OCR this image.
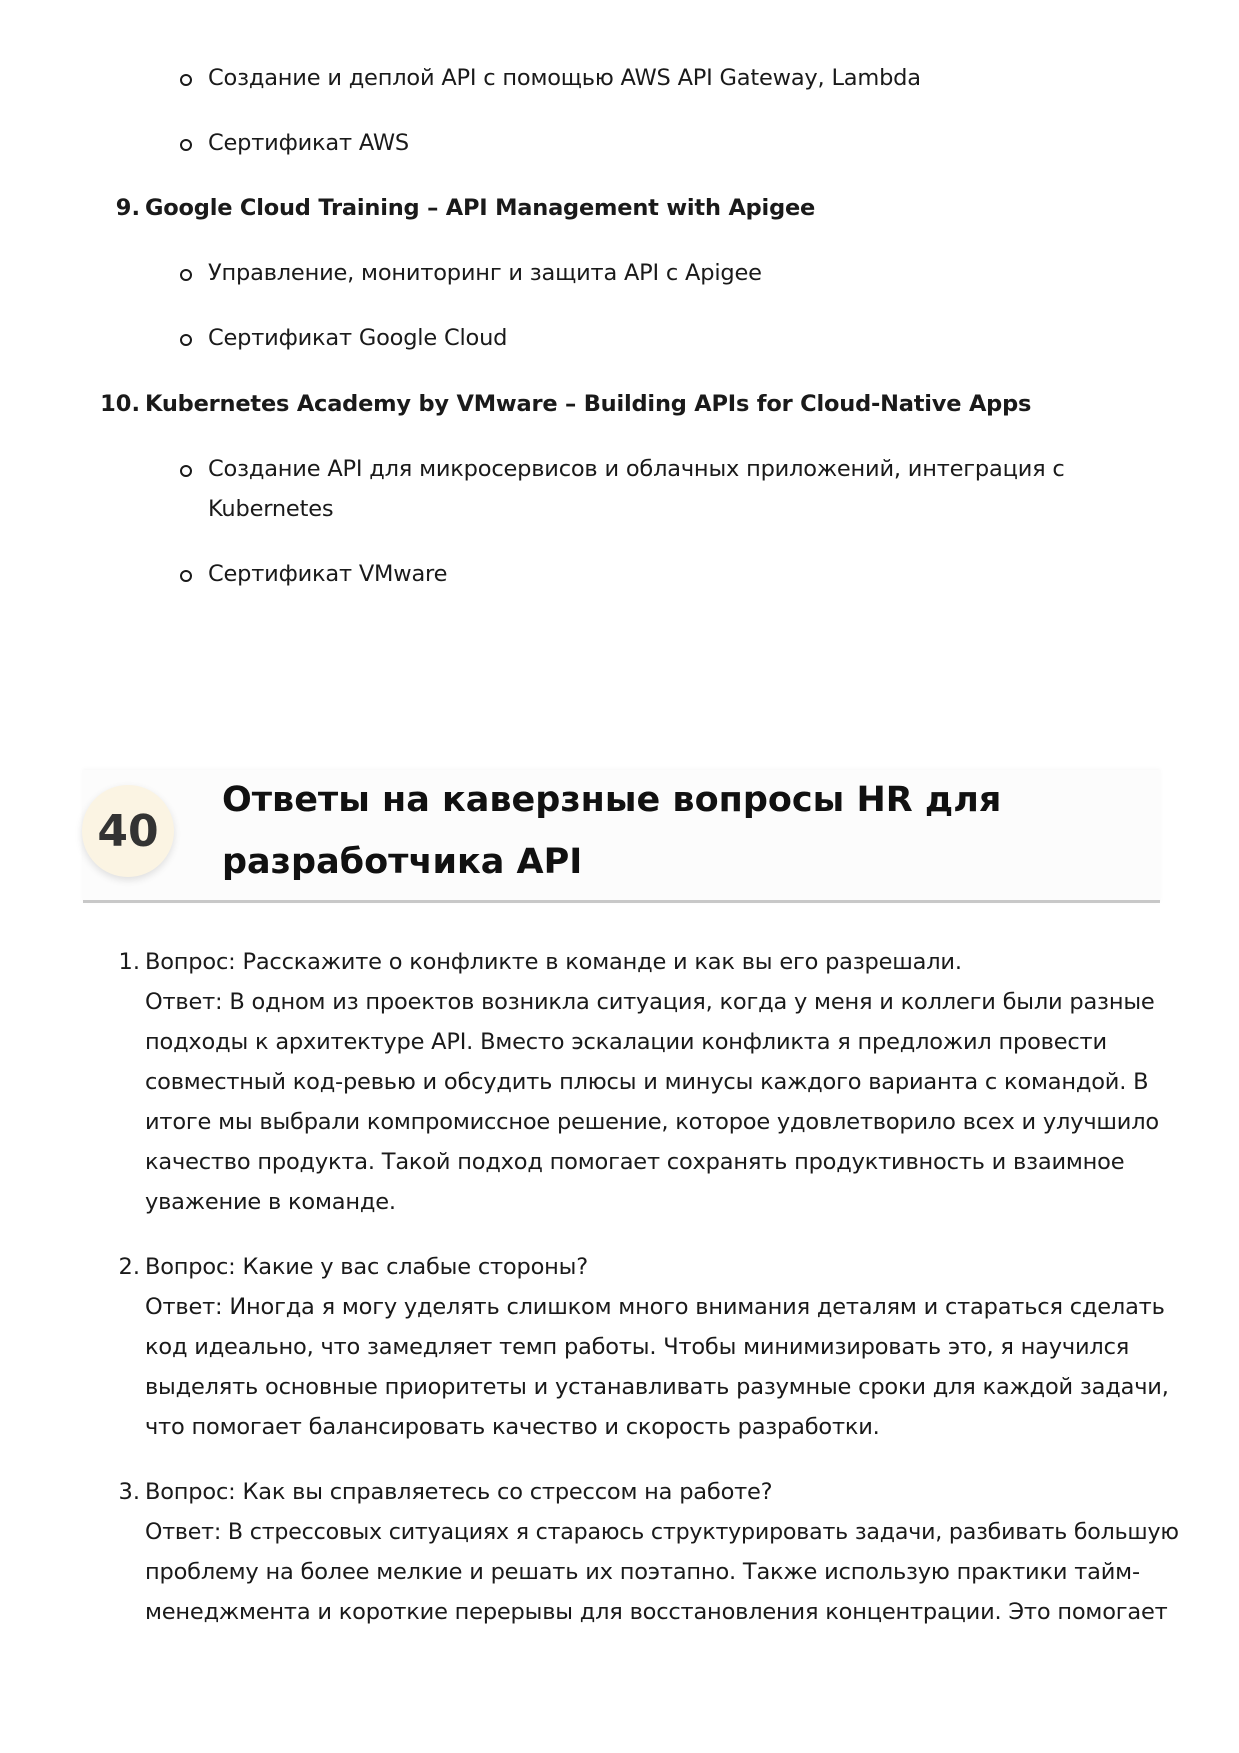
Создание и деплой API с помощью AWS API Gateway, Lambda
Сертификат AWS
9. Google Cloud Training – API Management with Apigee
Управление, мониторинг и защита API с Apigee
Сертификат Google Cloud
10. Kubernetes Academy by VMware – Building APIs for Cloud-Native Apps
Создание API для микросервисов и облачных приложений, интеграция с
Kubernetes
Сертификат VMware
40
Ответы на каверзные вопросы HR для
разработчика API
1. Вопрос: Расскажите о конфликте в команде и как вы его разрешали.
Ответ: В одном из проектов возникла ситуация, когда у меня и коллеги были разные
подходы к архитектуре API. Вместо эскалации конфликта я предложил провести
совместный код-ревью и обсудить плюсы и минусы каждого варианта с командой. В
итоге мы выбрали компромиссное решение, которое удовлетворило всех и улучшило
качество продукта. Такой подход помогает сохранять продуктивность и взаимное
уважение в команде.
2. Вопрос: Какие у вас слабые стороны?
Ответ: Иногда я могу уделять слишком много внимания деталям и стараться сделать
код идеально, что замедляет темп работы. Чтобы минимизировать это, я научился
выделять основные приоритеты и устанавливать разумные сроки для каждой задачи,
что помогает балансировать качество и скорость разработки.
3. Вопрос: Как вы справляетесь со стрессом на работе?
Ответ: В стрессовых ситуациях я стараюсь структурировать задачи, разбивать большую
проблему на более мелкие и решать их поэтапно. Также использую практики тайм-
менеджмента и короткие перерывы для восстановления концентрации. Это помогает
